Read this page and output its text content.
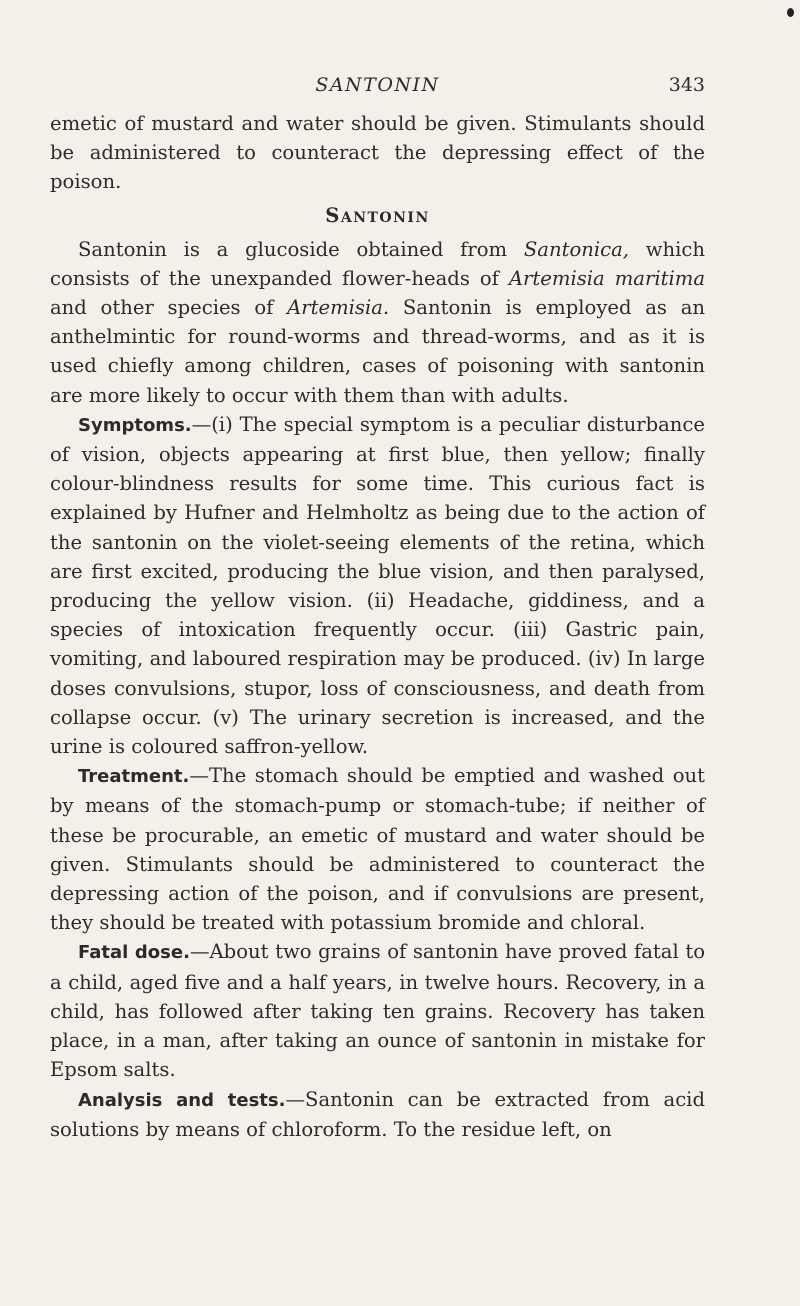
SANTONIN	343

emetic of mustard and water should be given. Stimulants should be administered to counteract the depressing effect of the poison.

Santonin

Santonin is a glucoside obtained from Santonica, which consists of the unexpanded flower-heads of Artemisia maritima and other species of Artemisia. Santonin is employed as an anthelmintic for round-worms and thread-worms, and as it is used chiefly among children, cases of poisoning with santonin are more likely to occur with them than with adults.

Symptoms.—(i) The special symptom is a peculiar disturbance of vision, objects appearing at first blue, then yellow; finally colour-blindness results for some time. This curious fact is explained by Hufner and Helmholtz as being due to the action of the santonin on the violet-seeing elements of the retina, which are first excited, producing the blue vision, and then paralysed, producing the yellow vision. (ii) Headache, giddiness, and a species of intoxication frequently occur. (iii) Gastric pain, vomiting, and laboured respiration may be produced. (iv) In large doses convulsions, stupor, loss of consciousness, and death from collapse occur. (v) The urinary secretion is increased, and the urine is coloured saffron-yellow.

Treatment.—The stomach should be emptied and washed out by means of the stomach-pump or stomach-tube; if neither of these be procurable, an emetic of mustard and water should be given. Stimulants should be administered to counteract the depressing action of the poison, and if convulsions are present, they should be treated with potassium bromide and chloral.

Fatal dose.—About two grains of santonin have proved fatal to a child, aged five and a half years, in twelve hours. Recovery, in a child, has followed after taking ten grains. Recovery has taken place, in a man, after taking an ounce of santonin in mistake for Epsom salts.

Analysis and tests.—Santonin can be extracted from acid solutions by means of chloroform. To the residue left, on
